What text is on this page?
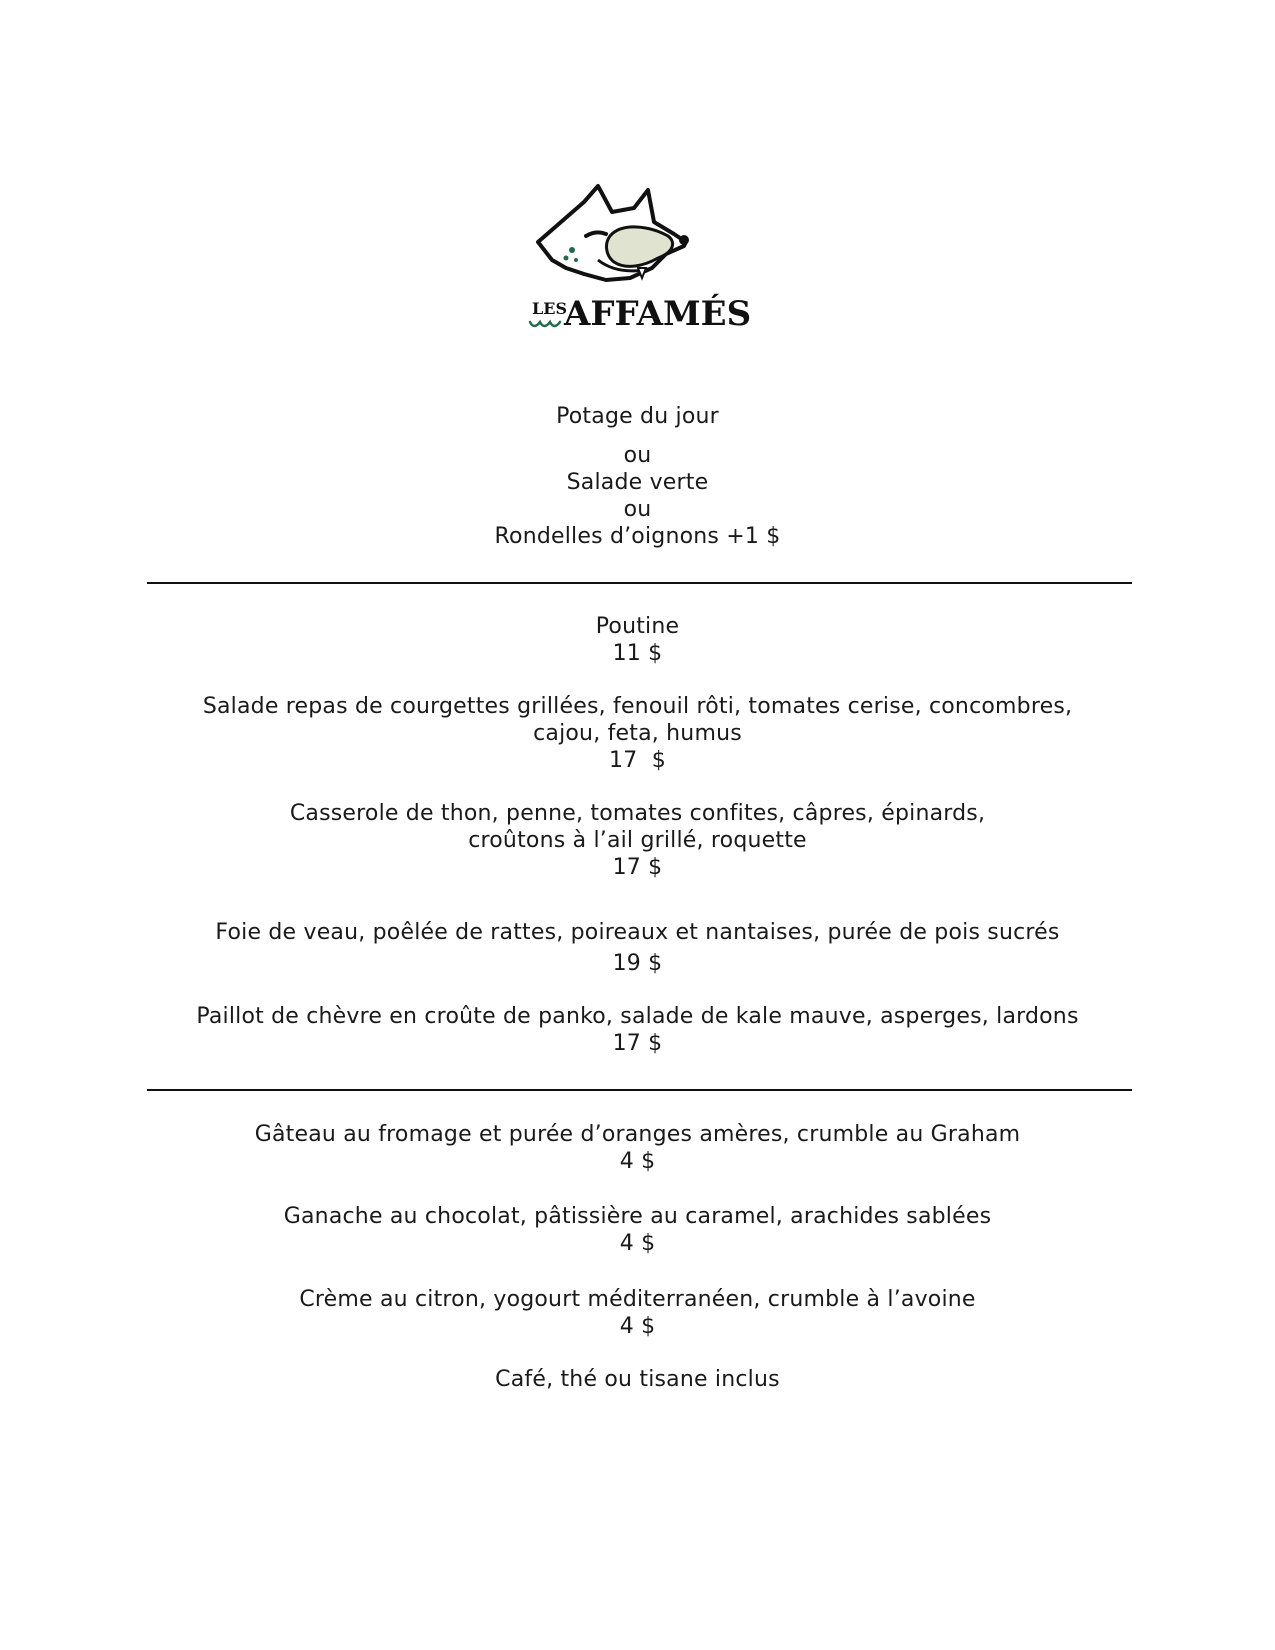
LES
AFFAMÉS
Potage du jour
ou
Salade verte
ou
Rondelles d’oignons +1 $
Poutine
11 $
Salade repas de courgettes grillées, fenouil rôti, tomates cerise, concombres,
cajou, feta, humus
17  $
Casserole de thon, penne, tomates confites, câpres, épinards,
croûtons à l’ail grillé, roquette
17 $
Foie de veau, poêlée de rattes, poireaux et nantaises, purée de pois sucrés
19 $
Paillot de chèvre en croûte de panko, salade de kale mauve, asperges, lardons
17 $
Gâteau au fromage et purée d’oranges amères, crumble au Graham
4 $
Ganache au chocolat, pâtissière au caramel, arachides sablées
4 $
Crème au citron, yogourt méditerranéen, crumble à l’avoine
4 $
Café, thé ou tisane inclus
